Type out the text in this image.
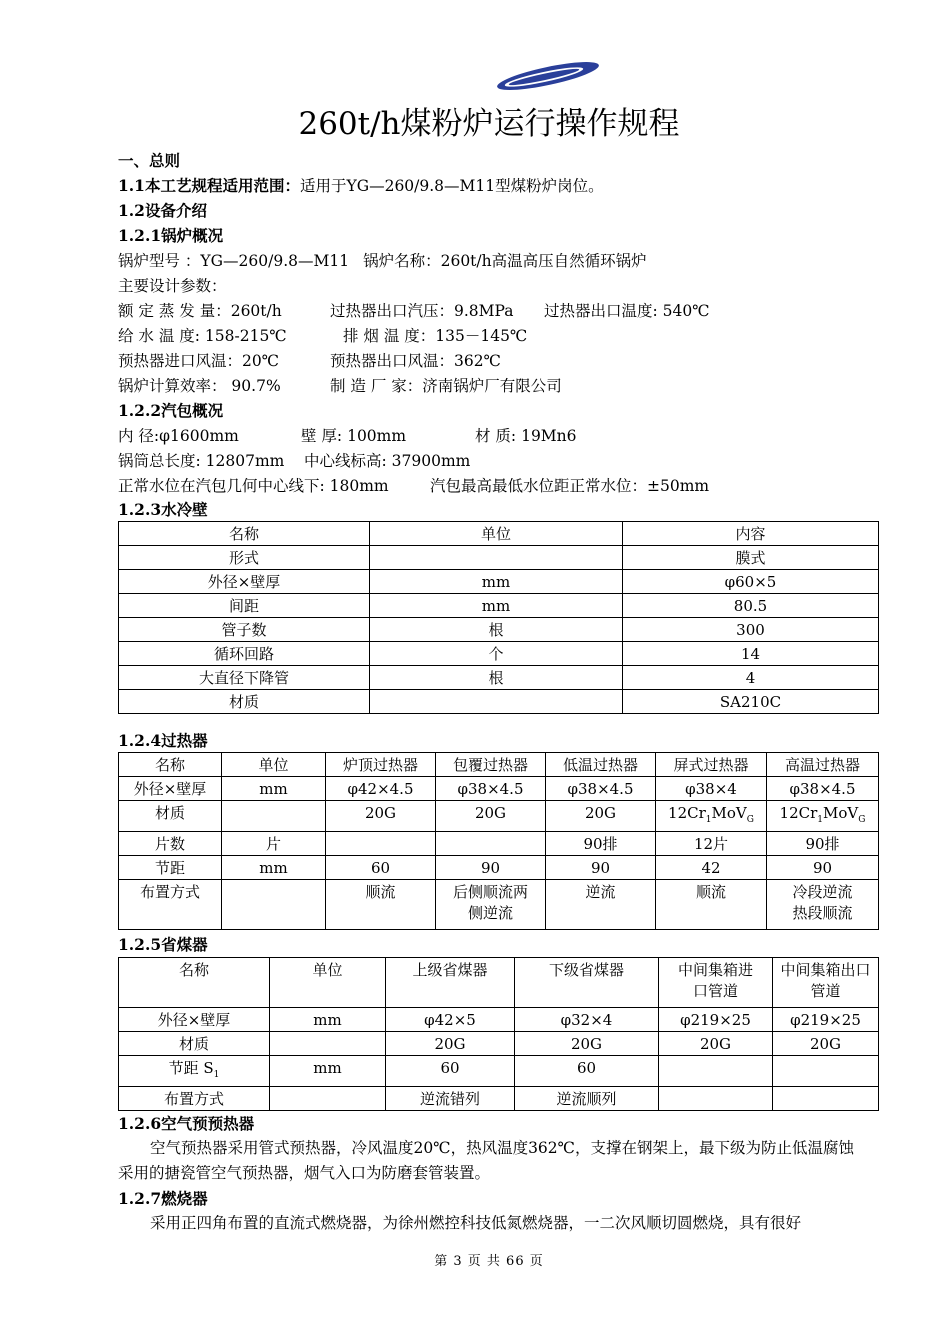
260t/h煤粉炉运行操作规程
一、总则
1.1本工艺规程适用范围：适用于YG—260/9.8—M11型煤粉炉岗位。
1.2设备介绍
1.2.1锅炉概况
锅炉型号 ：YG—260/9.8—M11 锅炉名称：260t/h高温高压自然循环锅炉
主要设计参数：
额 定 蒸 发 量：260t/h	过热器出口汽压：9.8MPa 过热器出口温度: 540℃
给 水 温 度: 158-215℃	排 烟 温 度：135－145℃
预热器进口风温：20℃	预热器出口风温：362℃
锅炉计算效率： 90.7%	制 造 厂 家：济南锅炉厂有限公司
1.2.2汽包概况
内 径:φ1600mm	壁 厚: 100mm	材 质: 19Mn6
锅筒总长度: 12807mm 中心线标高: 37900mm
正常水位在汽包几何中心线下: 180mm	汽包最高最低水位距正常水位：±50mm
1.2.3水冷壁
名称	单位	内容
形式		膜式
外径×壁厚	mm	φ60×5
间距	mm	80.5
管子数	根	300
循环回路	个	14
大直径下降管	根	4
材质		SA210C
1.2.4过热器
名称	单位	炉顶过热器	包覆过热器	低温过热器	屏式过热器	高温过热器
外径×壁厚	mm	φ42×4.5	φ38×4.5	φ38×4.5	φ38×4	φ38×4.5
材质		20G	20G	20G	$12Cr_1MoV_G$	$12Cr_1MoV_G$
片数	片			90排	12片	90排
节距	mm	60	90	90	42	90
布置方式		顺流	后侧顺流两侧逆流	逆流	顺流	冷段逆流热段顺流
1.2.5省煤器
名称	单位	上级省煤器	下级省煤器	中间集箱进口管道	中间集箱出口管道
外径×壁厚	mm	φ42×5	φ32×4	φ219×25	φ219×25
材质		20G	20G	20G	20G
节距 $S_1$	mm	60	60		
布置方式		逆流错列	逆流顺列		
1.2.6空气预预热器
空气预热器采用管式预热器，冷风温度20℃，热风温度362℃，支撑在钢架上，最下级为防止低温腐蚀采用的搪瓷管空气预热器，烟气入口为防磨套管装置。
1.2.7燃烧器
采用正四角布置的直流式燃烧器，为徐州燃控科技低氮燃烧器，一二次风顺切圆燃烧，具有很好
第 3 页 共 66 页
